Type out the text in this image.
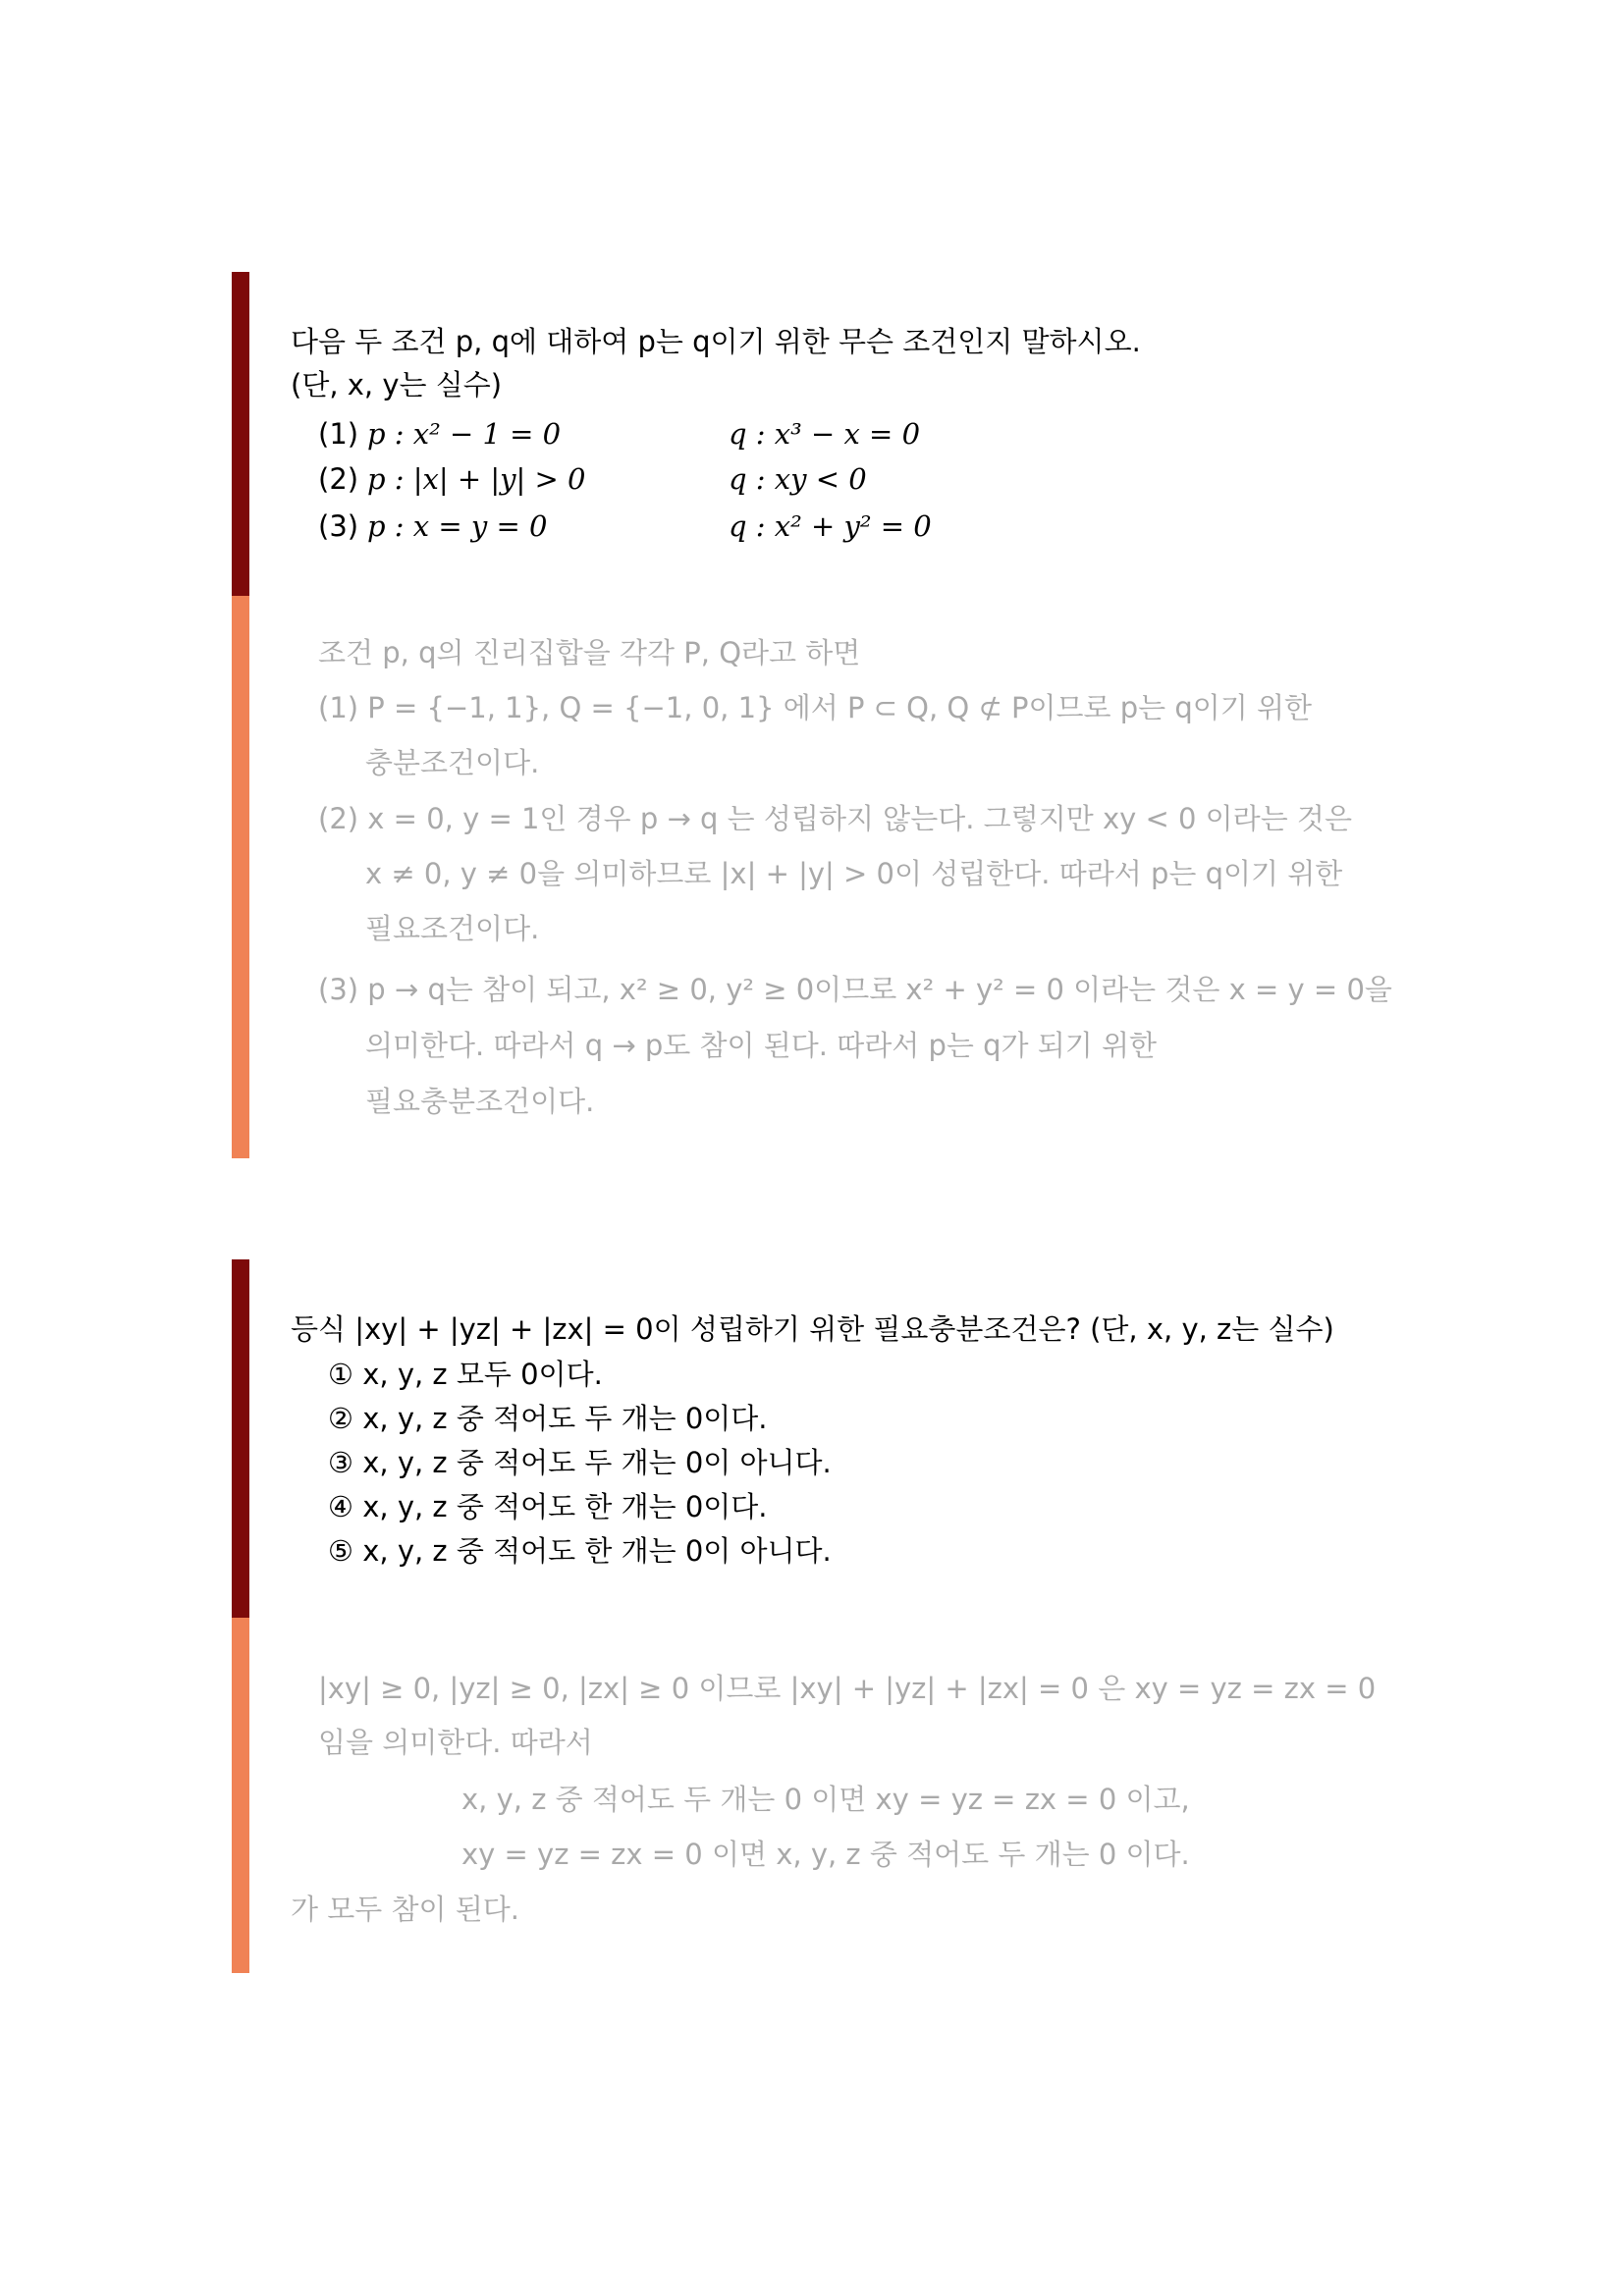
다음 두 조건 p, q에 대하여 p는 q이기 위한 무슨 조건인지 말하시오.
(단, x, y는 실수)
(1) p : x² − 1 = 0	q : x³ − x = 0
(2) p : |x| + |y| > 0	q : xy < 0
(3) p : x = y = 0	q : x² + y² = 0
조건 p, q의 진리집합을 각각 P, Q라고 하면
(1) P = {−1, 1}, Q = {−1, 0, 1} 에서 P ⊂ Q, Q ⊄ P이므로 p는 q이기 위한
충분조건이다.
(2) x = 0, y = 1인 경우 p → q 는 성립하지 않는다. 그렇지만 xy < 0 이라는 것은
x ≠ 0, y ≠ 0을 의미하므로 |x| + |y| > 0이 성립한다. 따라서 p는 q이기 위한
필요조건이다.
(3) p → q는 참이 되고, x² ≥ 0, y² ≥ 0이므로 x² + y² = 0 이라는 것은 x = y = 0을
의미한다. 따라서 q → p도 참이 된다. 따라서 p는 q가 되기 위한
필요충분조건이다.
등식 |xy| + |yz| + |zx| = 0이 성립하기 위한 필요충분조건은? (단, x, y, z는 실수)
① x, y, z 모두 0이다.
② x, y, z 중 적어도 두 개는 0이다.
③ x, y, z 중 적어도 두 개는 0이 아니다.
④ x, y, z 중 적어도 한 개는 0이다.
⑤ x, y, z 중 적어도 한 개는 0이 아니다.
|xy| ≥ 0, |yz| ≥ 0, |zx| ≥ 0 이므로 |xy| + |yz| + |zx| = 0 은 xy = yz = zx = 0
임을 의미한다. 따라서
x, y, z 중 적어도 두 개는 0 이면 xy = yz = zx = 0 이고,
xy = yz = zx = 0 이면 x, y, z 중 적어도 두 개는 0 이다.
가 모두 참이 된다.
